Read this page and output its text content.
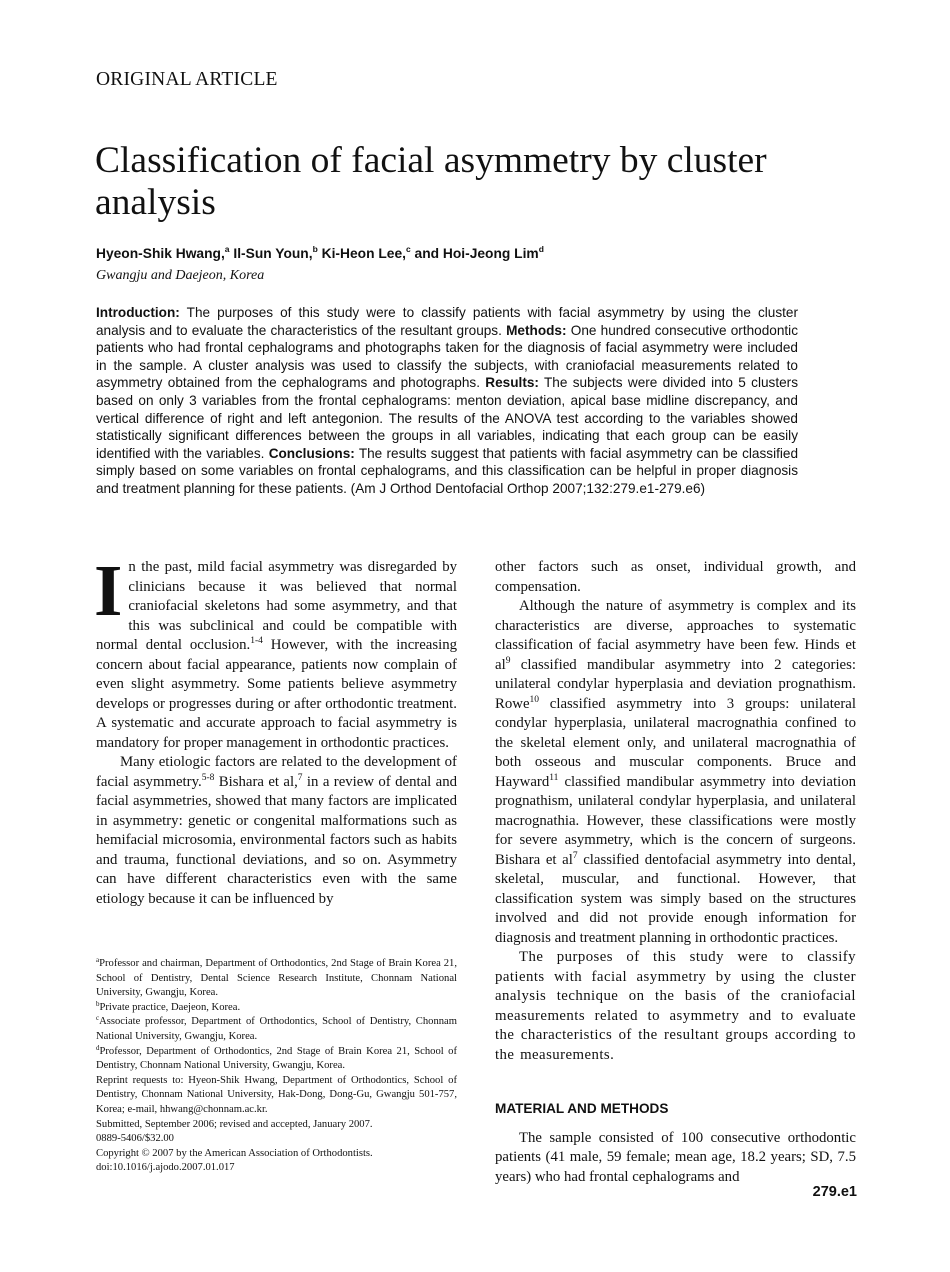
ORIGINAL ARTICLE
Classification of facial asymmetry by cluster analysis
Hyeon-Shik Hwang,$^a$ Il-Sun Youn,$^b$ Ki-Heon Lee,$^c$ and Hoi-Jeong Lim$^d$
Gwangju and Daejeon, Korea
Introduction: The purposes of this study were to classify patients with facial asymmetry by using the cluster analysis and to evaluate the characteristics of the resultant groups. Methods: One hundred consecutive orthodontic patients who had frontal cephalograms and photographs taken for the diagnosis of facial asymmetry were included in the sample. A cluster analysis was used to classify the subjects, with craniofacial measurements related to asymmetry obtained from the cephalograms and photographs. Results: The subjects were divided into 5 clusters based on only 3 variables from the frontal cephalograms: menton deviation, apical base midline discrepancy, and vertical difference of right and left antegonion. The results of the ANOVA test according to the variables showed statistically significant differences between the groups in all variables, indicating that each group can be easily identified with the variables. Conclusions: The results suggest that patients with facial asymmetry can be classified simply based on some variables on frontal cephalograms, and this classification can be helpful in proper diagnosis and treatment planning for these patients. (Am J Orthod Dentofacial Orthop 2007;132:279.e1-279.e6)

In the past, mild facial asymmetry was disregarded by clinicians because it was believed that normal craniofacial skeletons had some asymmetry, and that this was subclinical and could be compatible with normal dental occlusion.$^{1-4}$ However, with the increasing concern about facial appearance, patients now complain of even slight asymmetry. Some patients believe asymmetry develops or progresses during or after orthodontic treatment. A systematic and accurate approach to facial asymmetry is mandatory for proper management in orthodontic practices.

Many etiologic factors are related to the development of facial asymmetry.$^{5-8}$ Bishara et al,$^7$ in a review of dental and facial asymmetries, showed that many factors are implicated in asymmetry: genetic or congenital malformations such as hemifacial microsomia, environmental factors such as habits and trauma, functional deviations, and so on. Asymmetry can have different characteristics even with the same etiology because it can be influenced by

other factors such as onset, individual growth, and compensation.

Although the nature of asymmetry is complex and its characteristics are diverse, approaches to systematic classification of facial asymmetry have been few. Hinds et $al^9$ classified mandibular asymmetry into 2 categories: unilateral condylar hyperplasia and deviation prognathism. Rowe$^{10}$ classified asymmetry into 3 groups: unilateral condylar hyperplasia, unilateral macrognathia confined to the skeletal element only, and unilateral macrognathia of both osseous and muscular components. Bruce and Hayward$^{11}$ classified mandibular asymmetry into deviation prognathism, unilateral condylar hyperplasia, and unilateral macrognathia. However, these classifications were mostly for severe asymmetry, which is the concern of surgeons. Bishara et $al^7$ classified dentofacial asymmetry into dental, skeletal, muscular, and functional. However, that classification system was simply based on the structures involved and did not provide enough information for diagnosis and treatment planning in orthodontic practices.

The purposes of this study were to classify patients with facial asymmetry by using the cluster analysis technique on the basis of the craniofacial measurements related to asymmetry and to evaluate the characteristics of the resultant groups according to the measurements.

MATERIAL AND METHODS

The sample consisted of 100 consecutive orthodontic patients (41 male, 59 female; mean age, 18.2 years; SD, 7.5 years) who had frontal cephalograms and

$^a$Professor and chairman, Department of Orthodontics, 2nd Stage of Brain Korea 21, School of Dentistry, Dental Science Research Institute, Chonnam National University, Gwangju, Korea.
$^b$Private practice, Daejeon, Korea.
$^c$Associate professor, Department of Orthodontics, School of Dentistry, Chonnam National University, Gwangju, Korea.
$^d$Professor, Department of Orthodontics, 2nd Stage of Brain Korea 21, School of Dentistry, Chonnam National University, Gwangju, Korea.
Reprint requests to: Hyeon-Shik Hwang, Department of Orthodontics, School of Dentistry, Chonnam National University, Hak-Dong, Dong-Gu, Gwangju 501-757, Korea; e-mail, hhwang@chonnam.ac.kr.
Submitted, September 2006; revised and accepted, January 2007.
0889-5406/$32.00
Copyright © 2007 by the American Association of Orthodontists.
doi:10.1016/j.ajodo.2007.01.017
279.e1
